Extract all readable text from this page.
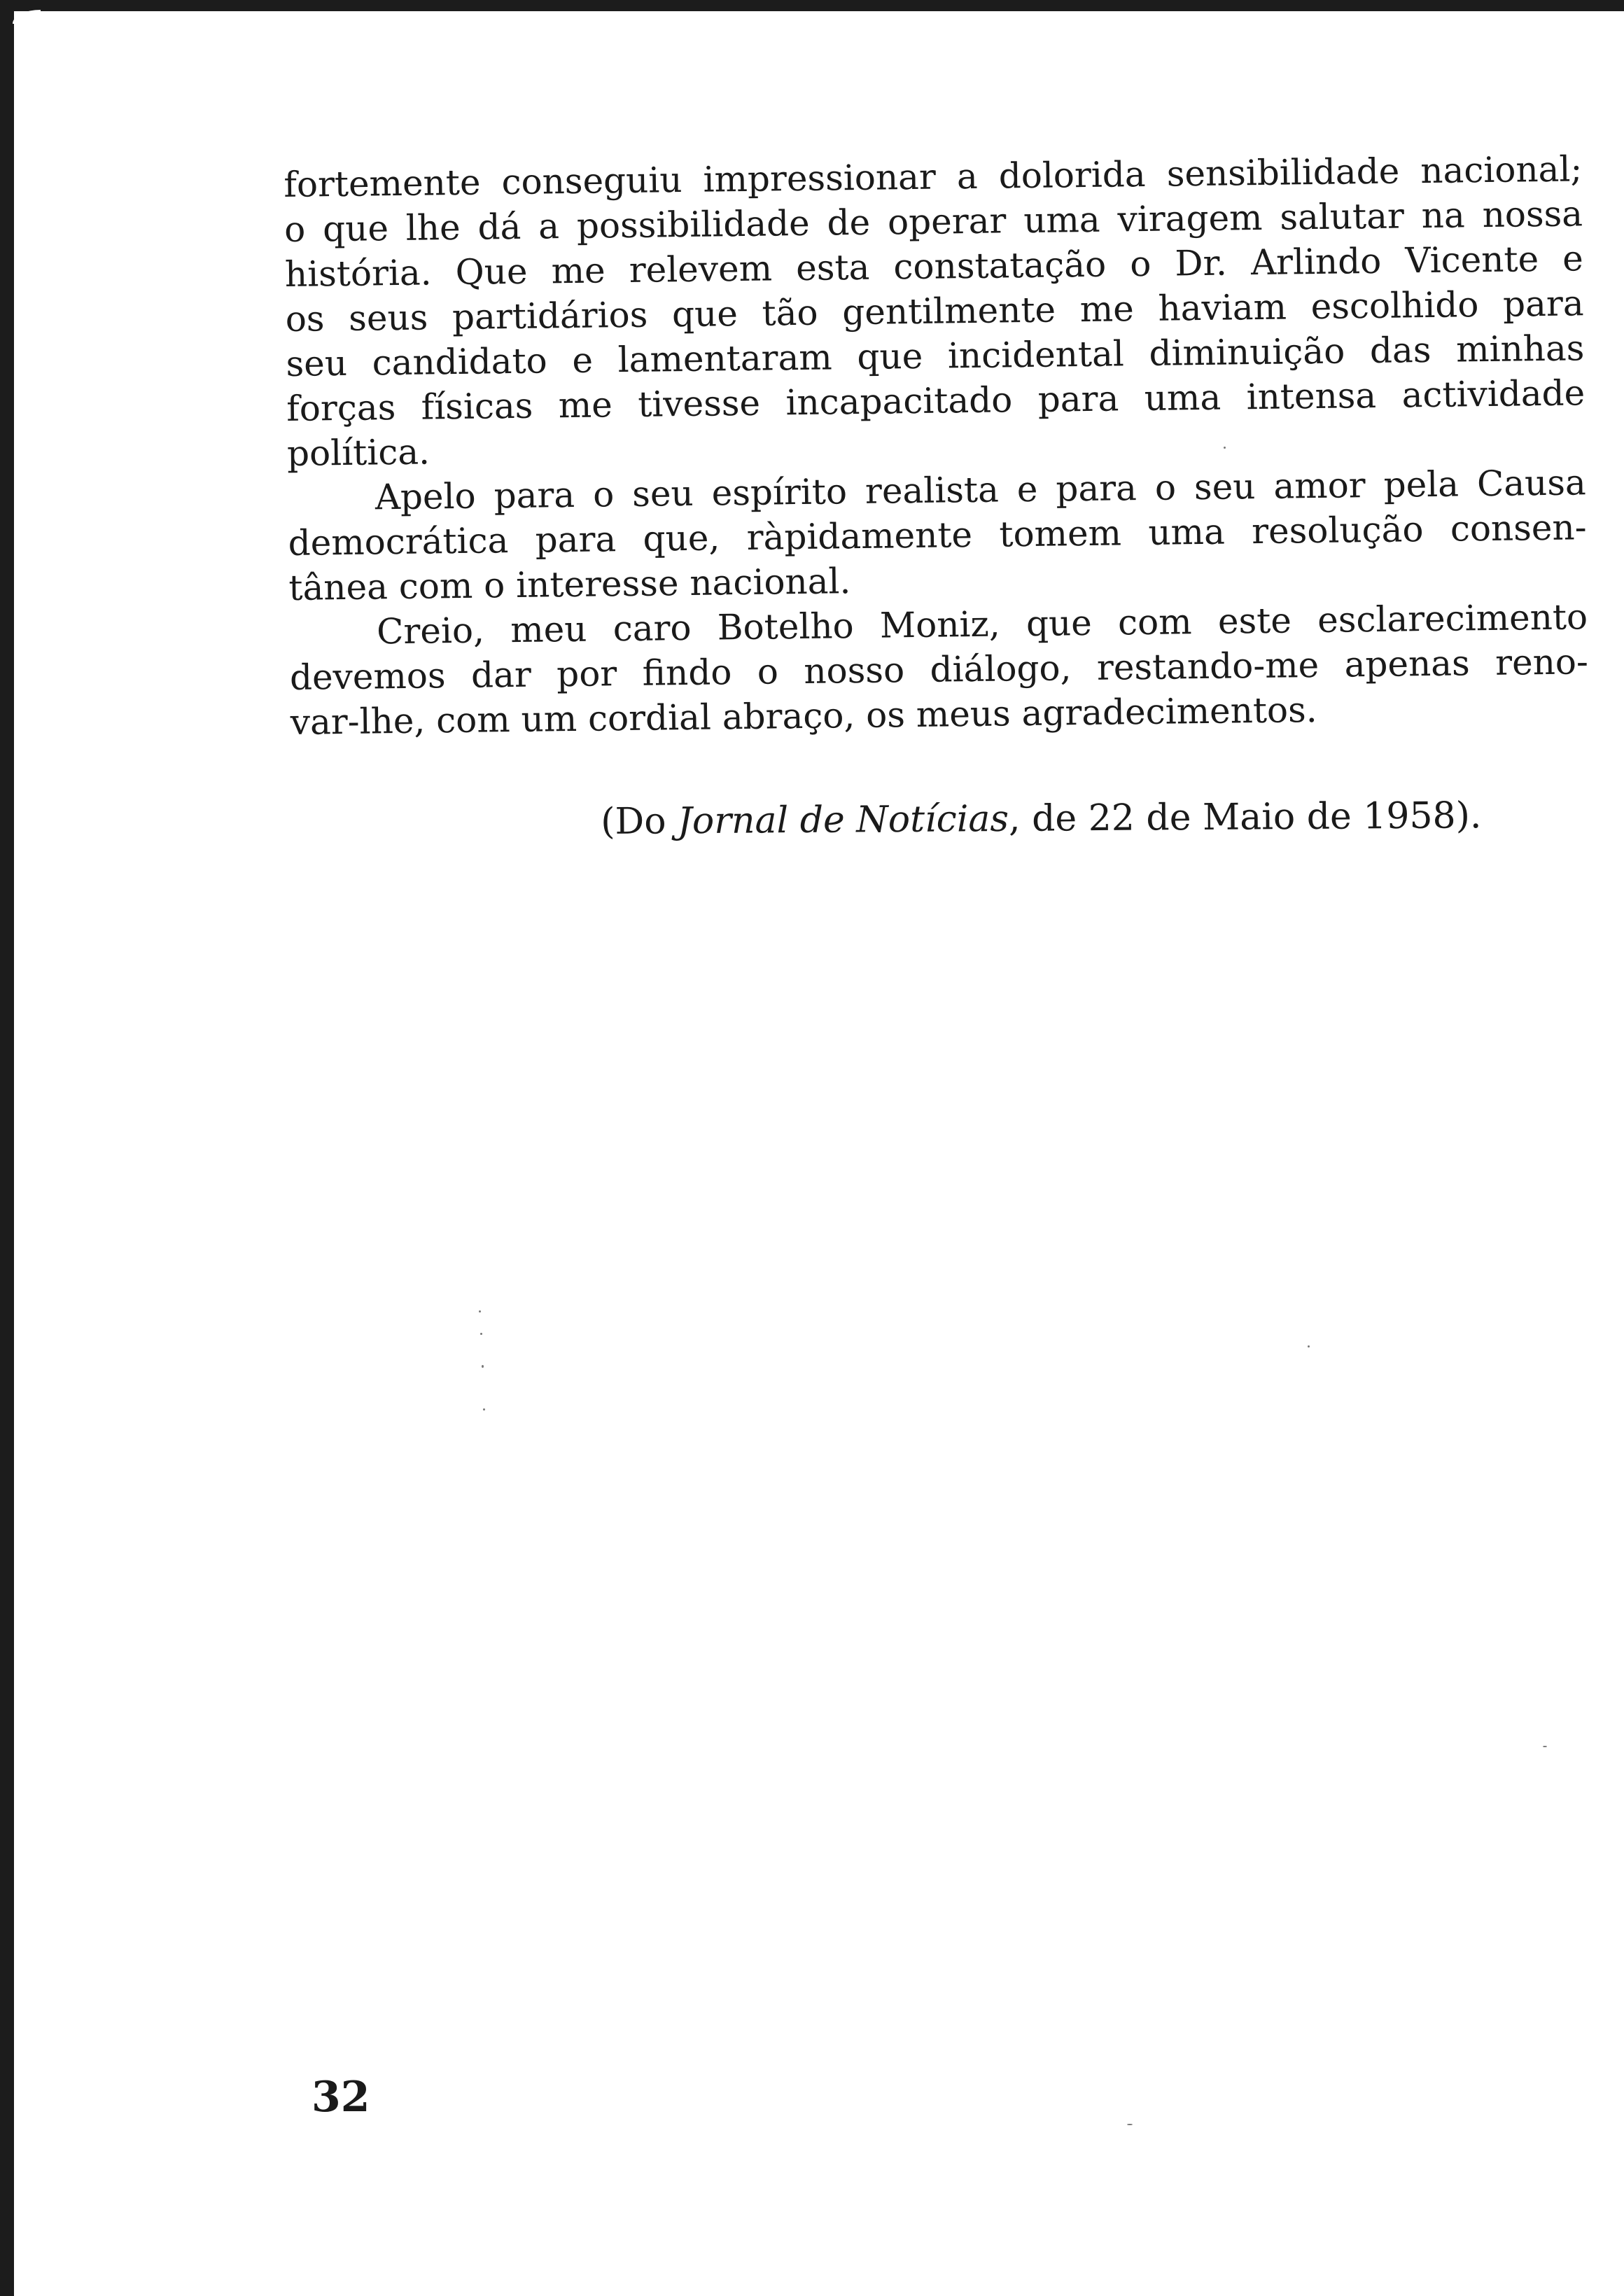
fortemente conseguiu impressionar a dolorida sensibilidade nacional;
o que lhe dá a possibilidade de operar uma viragem salutar na nossa
história. Que me relevem esta constatação o Dr. Arlindo Vicente e
os seus partidários que tão gentilmente me haviam escolhido para
seu candidato e lamentaram que incidental diminuição das minhas
forças físicas me tivesse incapacitado para uma intensa actividade
política.
Apelo para o seu espírito realista e para o seu amor pela Causa
democrática para que, ràpidamente tomem uma resolução consen-
tânea com o interesse nacional.
Creio, meu caro Botelho Moniz, que com este esclarecimento
devemos dar por findo o nosso diálogo, restando-me apenas reno-
var-lhe, com um cordial abraço, os meus agradecimentos.
(Do Jornal de Notícias, de 22 de Maio de 1958).
32
